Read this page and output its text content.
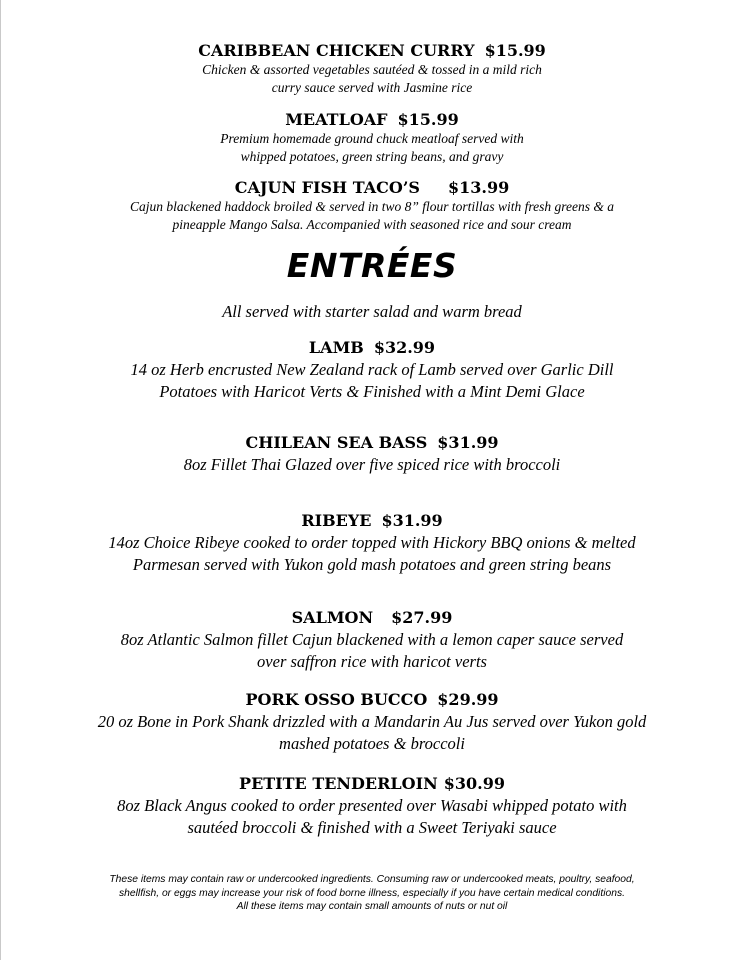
CARIBBEAN CHICKEN CURRY $15.99
Chicken & assorted vegetables sautéed & tossed in a mild rich
curry sauce served with Jasmine rice
MEATLOAF $15.99
Premium homemade ground chuck meatloaf served with
whipped potatoes, green string beans, and gravy
CAJUN FISH TACO’S $13.99
Cajun blackened haddock broiled & served in two 8” flour tortillas with fresh greens & a
pineapple Mango Salsa. Accompanied with seasoned rice and sour cream
ENTRÉES
All served with starter salad and warm bread
LAMB $32.99
14 oz Herb encrusted New Zealand rack of Lamb served over Garlic Dill
Potatoes with Haricot Verts & Finished with a Mint Demi Glace
CHILEAN SEA BASS $31.99
8oz Fillet Thai Glazed over five spiced rice with broccoli
RIBEYE $31.99
14oz Choice Ribeye cooked to order topped with Hickory BBQ onions & melted
Parmesan served with Yukon gold mash potatoes and green string beans
SALMON $27.99
8oz Atlantic Salmon fillet Cajun blackened with a lemon caper sauce served
over saffron rice with haricot verts
PORK OSSO BUCCO $29.99
20 oz Bone in Pork Shank drizzled with a Mandarin Au Jus served over Yukon gold
mashed potatoes & broccoli
PETITE TENDERLOIN $30.99
8oz Black Angus cooked to order presented over Wasabi whipped potato with
sautéed broccoli & finished with a Sweet Teriyaki sauce
These items may contain raw or undercooked ingredients. Consuming raw or undercooked meats, poultry, seafood,
shellfish, or eggs may increase your risk of food borne illness, especially if you have certain medical conditions.
All these items may contain small amounts of nuts or nut oil
